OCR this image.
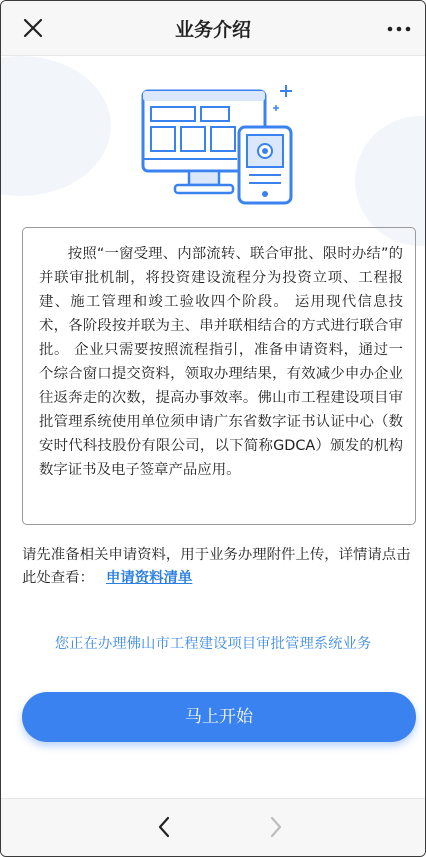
业务介绍

按照“一窗受理、内部流转、联合审批、限时办结”的并联审批机制，将投资建设流程分为投资立项、工程报建、施工管理和竣工验收四个阶段。 运用现代信息技术，各阶段按并联为主、串并联相结合的方式进行联合审批。 企业只需要按照流程指引，准备申请资料，通过一个综合窗口提交资料，领取办理结果，有效减少申办企业往返奔走的次数，提高办事效率。佛山市工程建设项目审批管理系统使用单位须申请广东省数字证书认证中心（数安时代科技股份有限公司，以下简称GDCA）颁发的机构数字证书及电子签章产品应用。

请先准备相关申请资料，用于业务办理附件上传，详情请点击此处查看： 申请资料清单
您正在办理佛山市工程建设项目审批管理系统业务
马上开始
